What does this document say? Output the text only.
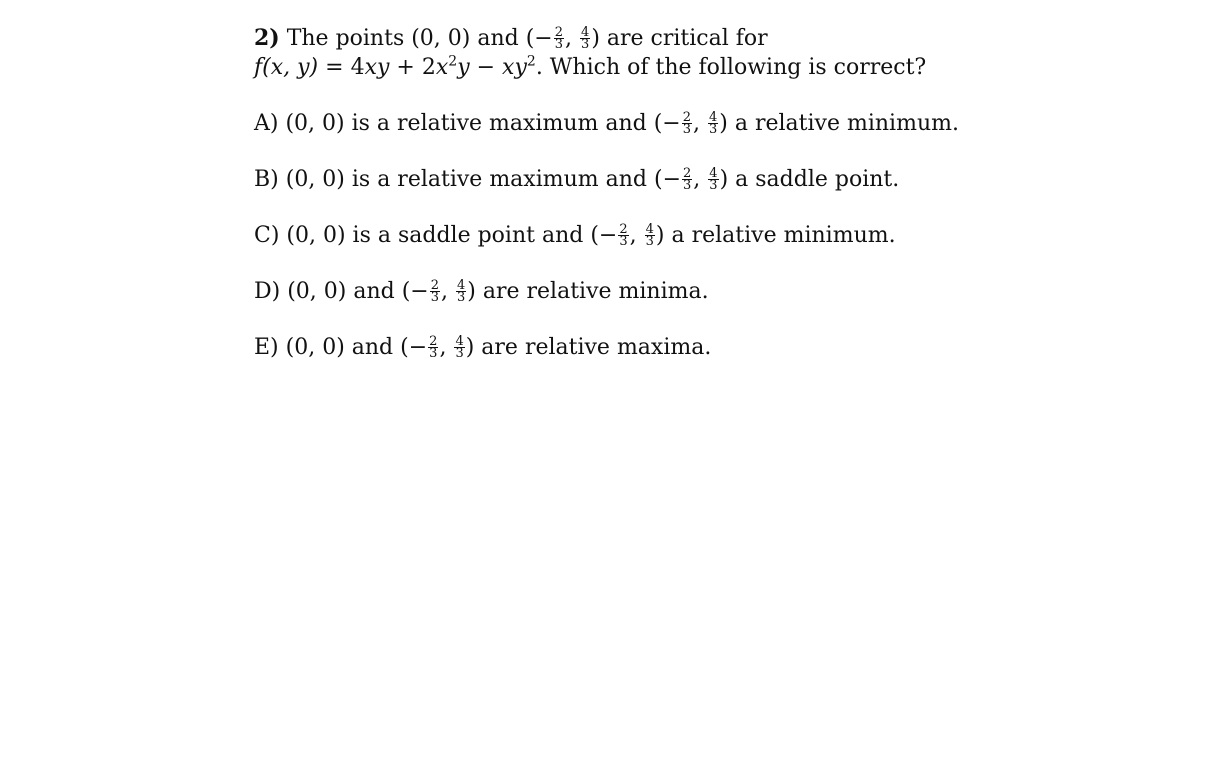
2) The points (0, 0) and (− $\frac{2}{3}$ , $\frac{4}{3}$ ) are critical for
f(x, $y) = 4xy + 2x^2y - xy^2$. Which of the following is correct?
A) (0, 0) is a relative maximum and (− $\frac{2}{3}$ , $\frac{4}{3}$ ) a relative minimum.
B) (0, 0) is a relative maximum and (− $\frac{2}{3}$ , $\frac{4}{3}$ ) a saddle point.
C) (0, 0) is a saddle point and (− $\frac{2}{3}$ , $\frac{4}{3}$ ) a relative minimum.
D) (0, 0) and (− $\frac{2}{3}$ , $\frac{4}{3}$ ) are relative minima.
E) (0, 0) and (− $\frac{2}{3}$ , $\frac{4}{3}$ ) are relative maxima.
